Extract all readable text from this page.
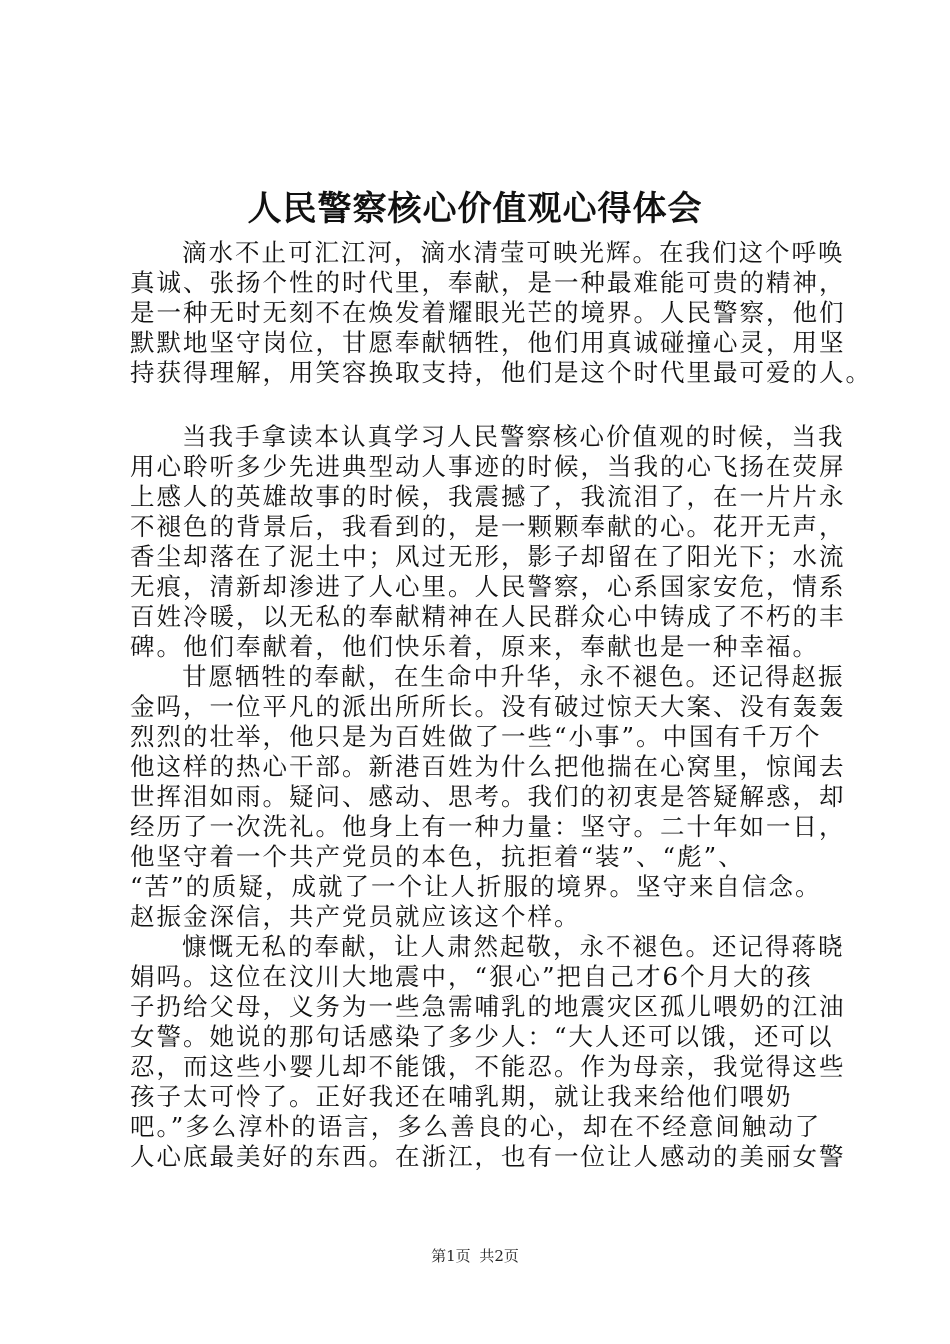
人民警察核心价值观心得体会
滴水不止可汇江河，滴水清莹可映光辉。在我们这个呼唤
真诚、张扬个性的时代里，奉献，是一种最难能可贵的精神，
是一种无时无刻不在焕发着耀眼光芒的境界。人民警察，他们
默默地坚守岗位，甘愿奉献牺牲，他们用真诚碰撞心灵，用坚
持获得理解，用笑容换取支持，他们是这个时代里最可爱的人。
当我手拿读本认真学习人民警察核心价值观的时候，当我
用心聆听多少先进典型动人事迹的时候，当我的心飞扬在荧屏
上感人的英雄故事的时候，我震撼了，我流泪了，在一片片永
不褪色的背景后，我看到的，是一颗颗奉献的心。花开无声，
香尘却落在了泥土中；风过无形，影子却留在了阳光下；水流
无痕，清新却渗进了人心里。人民警察，心系国家安危，情系
百姓冷暖，以无私的奉献精神在人民群众心中铸成了不朽的丰
碑。他们奉献着，他们快乐着，原来，奉献也是一种幸福。
甘愿牺牲的奉献，在生命中升华，永不褪色。还记得赵振
金吗，一位平凡的派出所所长。没有破过惊天大案、没有轰轰
烈烈的壮举，他只是为百姓做了一些“小事”。中国有千万个
他这样的热心干部。新港百姓为什么把他揣在心窝里，惊闻去
世挥泪如雨。疑问、感动、思考。我们的初衷是答疑解惑，却
经历了一次洗礼。他身上有一种力量：坚守。二十年如一日，
他坚守着一个共产党员的本色，抗拒着“装”、“彪”、
“苦”的质疑，成就了一个让人折服的境界。坚守来自信念。
赵振金深信，共产党员就应该这个样。
慷慨无私的奉献，让人肃然起敬，永不褪色。还记得蒋晓
娟吗。这位在汶川大地震中，“狠心”把自己才6个月大的孩
子扔给父母，义务为一些急需哺乳的地震灾区孤儿喂奶的江油
女警。她说的那句话感染了多少人：“大人还可以饿，还可以
忍，而这些小婴儿却不能饿，不能忍。作为母亲，我觉得这些
孩子太可怜了。正好我还在哺乳期，就让我来给他们喂奶
吧。”多么淳朴的语言，多么善良的心，却在不经意间触动了
人心底最美好的东西。在浙江，也有一位让人感动的美丽女警
第1页 共2页
